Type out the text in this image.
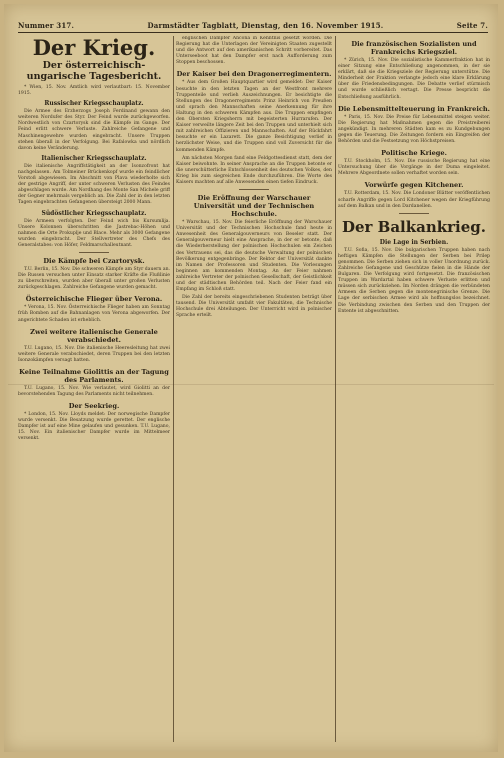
Nummer 317.	Darmstädter Tagblatt, Dienstag, den 16. November 1915.	Seite 7.
Der Krieg.
Der österreichisch-ungarische Tagesbericht.

* Wien, 15. Nov. Amtlich wird verlautbart: 15. November 1915.

Russischer Kriegsschauplatz.

Die Armee des Erzherzogs Joseph Ferdinand gewann den weiteren Nordufer des Styr. Der Feind wurde zurückgeworfen. Nordwestlich von Czartorysk sind die Kämpfe im Gange. Der Feind erlitt schwere Verluste. Zahlreiche Gefangene und Maschinengewehre wurden eingebracht. Unsere Truppen stehen überall in der Verfolgung. Bei Rafalowka und nördlich davon keine Veränderung.

Italienischer Kriegsschauplatz.

Die italienische Angriffstätigkeit an der Isonzofront hat nachgelassen. Am Tolmeiner Brückenkopf wurde ein feindlicher Vorstoß abgewiesen. Im Abschnitt von Plava wiederholte sich der gestrige Angriff, der unter schweren Verlusten des Feindes abgeschlagen wurde. Am Nordhang des Monte San Michele griff der Gegner mehrmals vergeblich an. Die Zahl der in den letzten Tagen eingebrachten Gefangenen übersteigt 2000 Mann.

Südöstlicher Kriegsschauplatz.

Die Armeen verfolgten. Der Feind wich bis Kursumlija. Unsere Kolonnen überschritten die Jastrebac-Höhen und nahmen die Orte Prokuplje und Blace. Mehr als 3000 Gefangene wurden eingebracht. Der Stellvertreter des Chefs des Generalstabes: von Höfer, Feldmarschalleutnant.

Die Kämpfe bei Czartorysk.

T.U. Berlin, 15. Nov. Die schweren Kämpfe am Styr dauern an. Die Russen versuchen unter Einsatz starker Kräfte die Flußlinie zu überschreiten, wurden aber überall unter großen Verlusten zurückgeschlagen. Zahlreiche Gefangene wurden gemacht.

Österreichische Flieger über Verona.

* Verona, 15. Nov. Österreichische Flieger haben am Sonntag früh Bomben auf die Bahnanlagen von Verona abgeworfen. Der angerichtete Schaden ist erheblich.

Zwei weitere italienische Generale verabschiedet.

T.U. Lugano, 15. Nov. Die italienische Heeresleitung hat zwei weitere Generale verabschiedet, deren Truppen bei den letzten Isonzokämpfen versagt hatten.

Keine Teilnahme Giolittis an der Tagung des Parlaments.

T.U. Lugano, 15. Nov. Wie verlautet, wird Giolitti an der bevorstehenden Tagung des Parlaments nicht teilnehmen.

Der Seekrieg.

* London, 15. Nov. Lloyds meldet: Der norwegische Dampfer wurde versenkt. Die Besatzung wurde gerettet. Der englische Dampfer ist auf eine Mine gelaufen und gesunken. T.U. Lugano, 15. Nov. Ein italienischer Dampfer wurde im Mittelmeer versenkt.

englischen Dampfer Ancona in Kenntnis gesetzt worden. Die Regierung hat die Unterlagen der Vereinigten Staaten zugestellt und die Antwort auf den amerikanischen Schritt vorbereitet. Das Unterseeboot hat den Dampfer erst nach Aufforderung zum Stoppen beschossen.

Der Kaiser bei den Dragonerregimentern.

* Aus dem Großen Hauptquartier wird gemeldet: Der Kaiser besuchte in den letzten Tagen an der Westfront mehrere Truppenteile und verlieh Auszeichnungen. Er besichtigte die Stellungen des Dragonerregiments Prinz Heinrich von Preußen und sprach den Mannschaften seine Anerkennung für ihre Haltung in den schweren Kämpfen aus. Die Truppen empfingen den Obersten Kriegsherrn mit begeisterten Hurrarufen. Der Kaiser verweilte längere Zeit bei den Truppen und unterhielt sich mit zahlreichen Offizieren und Mannschaften. Auf der Rückfahrt besuchte er ein Lazarett. Die ganze Besichtigung verlief in herzlichster Weise, und die Truppen sind voll Zuversicht für die kommenden Kämpfe.

Am nächsten Morgen fand eine Feldgottesdienst statt, dem der Kaiser beiwohnte. In seiner Ansprache an die Truppen betonte er die unerschütterliche Entschlossenheit des deutschen Volkes, den Krieg bis zum siegreichen Ende durchzuführen. Die Worte des Kaisers machten auf alle Anwesenden einen tiefen Eindruck.

Die Eröffnung der Warschauer Universität und der Technischen Hochschule.

* Warschau, 15. Nov. Die feierliche Eröffnung der Warschauer Universität und der Technischen Hochschule fand heute in Anwesenheit des Generalgouverneurs von Beseler statt. Der Generalgouverneur hielt eine Ansprache, in der er betonte, daß die Wiederherstellung der polnischen Hochschulen ein Zeichen des Vertrauens sei, das die deutsche Verwaltung der polnischen Bevölkerung entgegenbringe. Der Rektor der Universität dankte im Namen der Professoren und Studenten. Die Vorlesungen beginnen am kommenden Montag. An der Feier nahmen zahlreiche Vertreter der polnischen Gesellschaft, der Geistlichkeit und der städtischen Behörden teil. Nach der Feier fand ein Empfang im Schloß statt.

Die Zahl der bereits eingeschriebenen Studenten beträgt über tausend. Die Universität umfaßt vier Fakultäten, die Technische Hochschule drei Abteilungen. Der Unterricht wird in polnischer Sprache erteilt.

Die französischen Sozialisten und Frankreichs Kriegsziel.

* Zürich, 15. Nov. Die sozialistische Kammerfraktion hat in einer Sitzung eine Entschließung angenommen, in der sie erklärt, daß sie die Kriegsziele der Regierung unterstütze. Die Minderheit der Fraktion verlangte jedoch eine klare Erklärung über die Friedensbedingungen. Die Debatte verlief stürmisch und wurde schließlich vertagt. Die Presse bespricht die Entschließung ausführlich.

Die Lebensmittelteuerung in Frankreich.

* Paris, 15. Nov. Die Preise für Lebensmittel steigen weiter. Die Regierung hat Maßnahmen gegen die Preistreiberei angekündigt. In mehreren Städten kam es zu Kundgebungen gegen die Teuerung. Die Zeitungen fordern ein Eingreifen der Behörden und die Festsetzung von Höchstpreisen.

Politische Kriege.

T.U. Stockholm, 15. Nov. Die russische Regierung hat eine Untersuchung über die Vorgänge in der Duma eingeleitet. Mehrere Abgeordnete sollen verhaftet worden sein.

Vorwürfe gegen Kitchener.

T.U. Rotterdam, 15. Nov. Die Londoner Blätter veröffentlichen scharfe Angriffe gegen Lord Kitchener wegen der Kriegführung auf dem Balkan und in den Dardanellen.

Der Balkankrieg.
Die Lage in Serbien.

T.U. Sofia, 15. Nov. Die bulgarischen Truppen haben nach heftigen Kämpfen die Stellungen der Serben bei Prilep genommen. Die Serben ziehen sich in voller Unordnung zurück. Zahlreiche Gefangene und Geschütze fielen in die Hände der Bulgaren. Die Verfolgung wird fortgesetzt. Die französischen Truppen im Wardartal haben schwere Verluste erlitten und müssen sich zurückziehen. Im Norden drängen die verbündeten Armeen die Serben gegen die montenegrinische Grenze. Die Lage der serbischen Armee wird als hoffnungslos bezeichnet. Die Verbindung zwischen den Serben und den Truppen der Entente ist abgeschnitten.
